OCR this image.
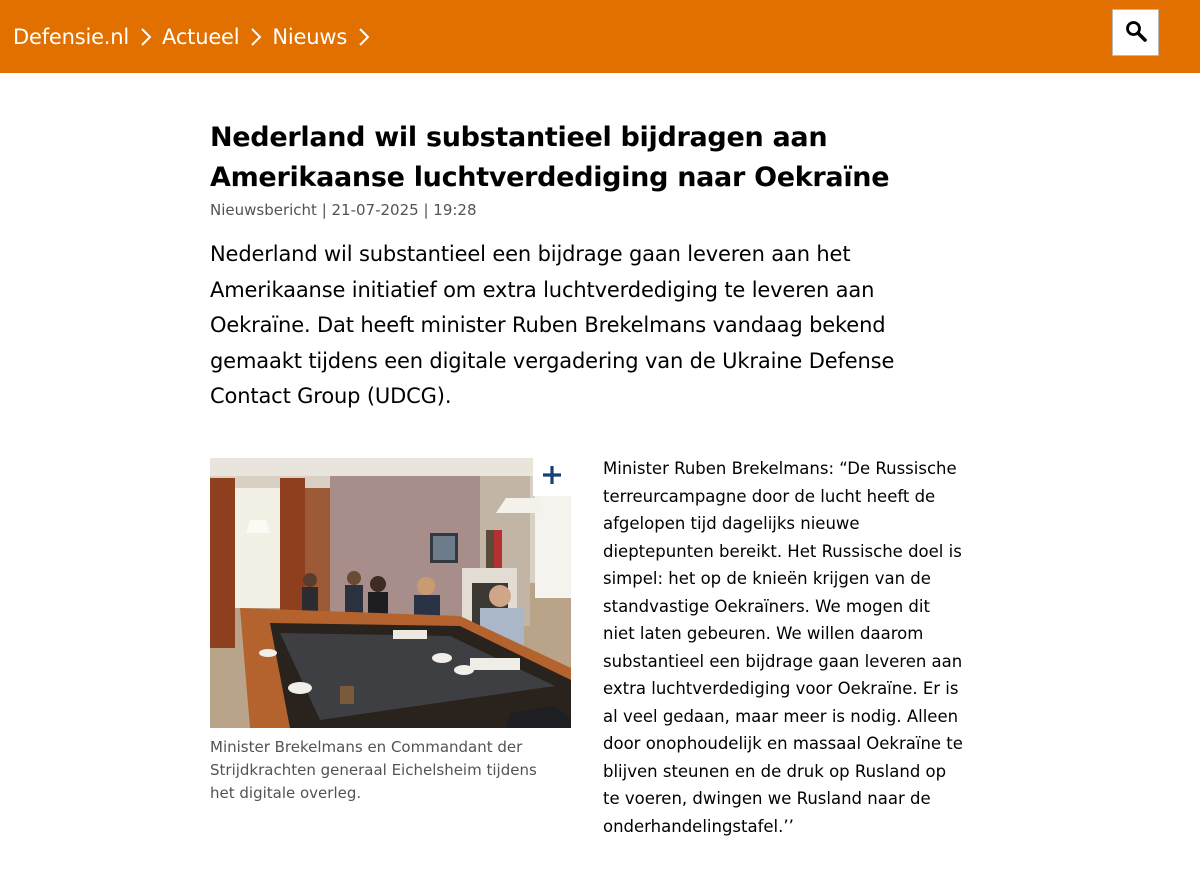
Defensie.nl Actueel Nieuws
Nederland wil substantieel bijdragen aan Amerikaanse luchtverdediging naar Oekraïne
Nieuwsbericht | 21-07-2025 | 19:28

Nederland wil substantieel een bijdrage gaan leveren aan het Amerikaanse initiatief om extra luchtverdediging te leveren aan Oekraïne. Dat heeft minister Ruben Brekelmans vandaag bekend gemaakt tijdens een digitale vergadering van de Ukraine Defense Contact Group (UDCG).

Minister Brekelmans en Commandant der Strijdkrachten generaal Eichelsheim tijdens het digitale overleg.
Minister Ruben Brekelmans: “De Russische terreurcampagne door de lucht heeft de afgelopen tijd dagelijks nieuwe dieptepunten bereikt. Het Russische doel is simpel: het op de knieën krijgen van de standvastige Oekraïners. We mogen dit niet laten gebeuren. We willen daarom substantieel een bijdrage gaan leveren aan extra luchtverdediging voor Oekraïne. Er is al veel gedaan, maar meer is nodig. Alleen door onophoudelijk en massaal Oekraïne te blijven steunen en de druk op Rusland op te voeren, dwingen we Rusland naar de onderhandelingstafel.’’
